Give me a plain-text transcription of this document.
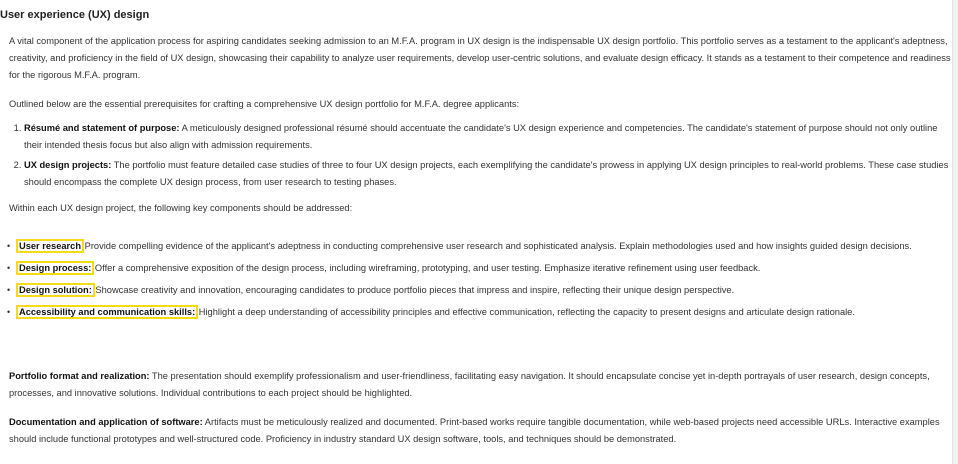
User experience (UX) design

A vital component of the application process for aspiring candidates seeking admission to an M.F.A. program in UX design is the indispensable UX design portfolio. This portfolio serves as a testament to the applicant's adeptness, creativity, and proficiency in the field of UX design, showcasing their capability to analyze user requirements, develop user-centric solutions, and evaluate design efficacy. It stands as a testament to their competence and readiness for the rigorous M.F.A. program.

Outlined below are the essential prerequisites for crafting a comprehensive UX design portfolio for M.F.A. degree applicants:

1. Résumé and statement of purpose: A meticulously designed professional résumé should accentuate the candidate's UX design experience and competencies. The candidate's statement of purpose should not only outline their intended thesis focus but also align with admission requirements.
2. UX design projects: The portfolio must feature detailed case studies of three to four UX design projects, each exemplifying the candidate's prowess in applying UX design principles to real-world problems. These case studies should encompass the complete UX design process, from user research to testing phases.

Within each UX design project, the following key components should be addressed:

• User research Provide compelling evidence of the applicant's adeptness in conducting comprehensive user research and sophisticated analysis. Explain methodologies used and how insights guided design decisions.
• Design process: Offer a comprehensive exposition of the design process, including wireframing, prototyping, and user testing. Emphasize iterative refinement using user feedback.
• Design solution: Showcase creativity and innovation, encouraging candidates to produce portfolio pieces that impress and inspire, reflecting their unique design perspective.
• Accessibility and communication skills: Highlight a deep understanding of accessibility principles and effective communication, reflecting the capacity to present designs and articulate design rationale.

Portfolio format and realization: The presentation should exemplify professionalism and user-friendliness, facilitating easy navigation. It should encapsulate concise yet in-depth portrayals of user research, design concepts, processes, and innovative solutions. Individual contributions to each project should be highlighted.

Documentation and application of software: Artifacts must be meticulously realized and documented. Print-based works require tangible documentation, while web-based projects need accessible URLs. Interactive examples should include functional prototypes and well-structured code. Proficiency in industry standard UX design software, tools, and techniques should be demonstrated.
